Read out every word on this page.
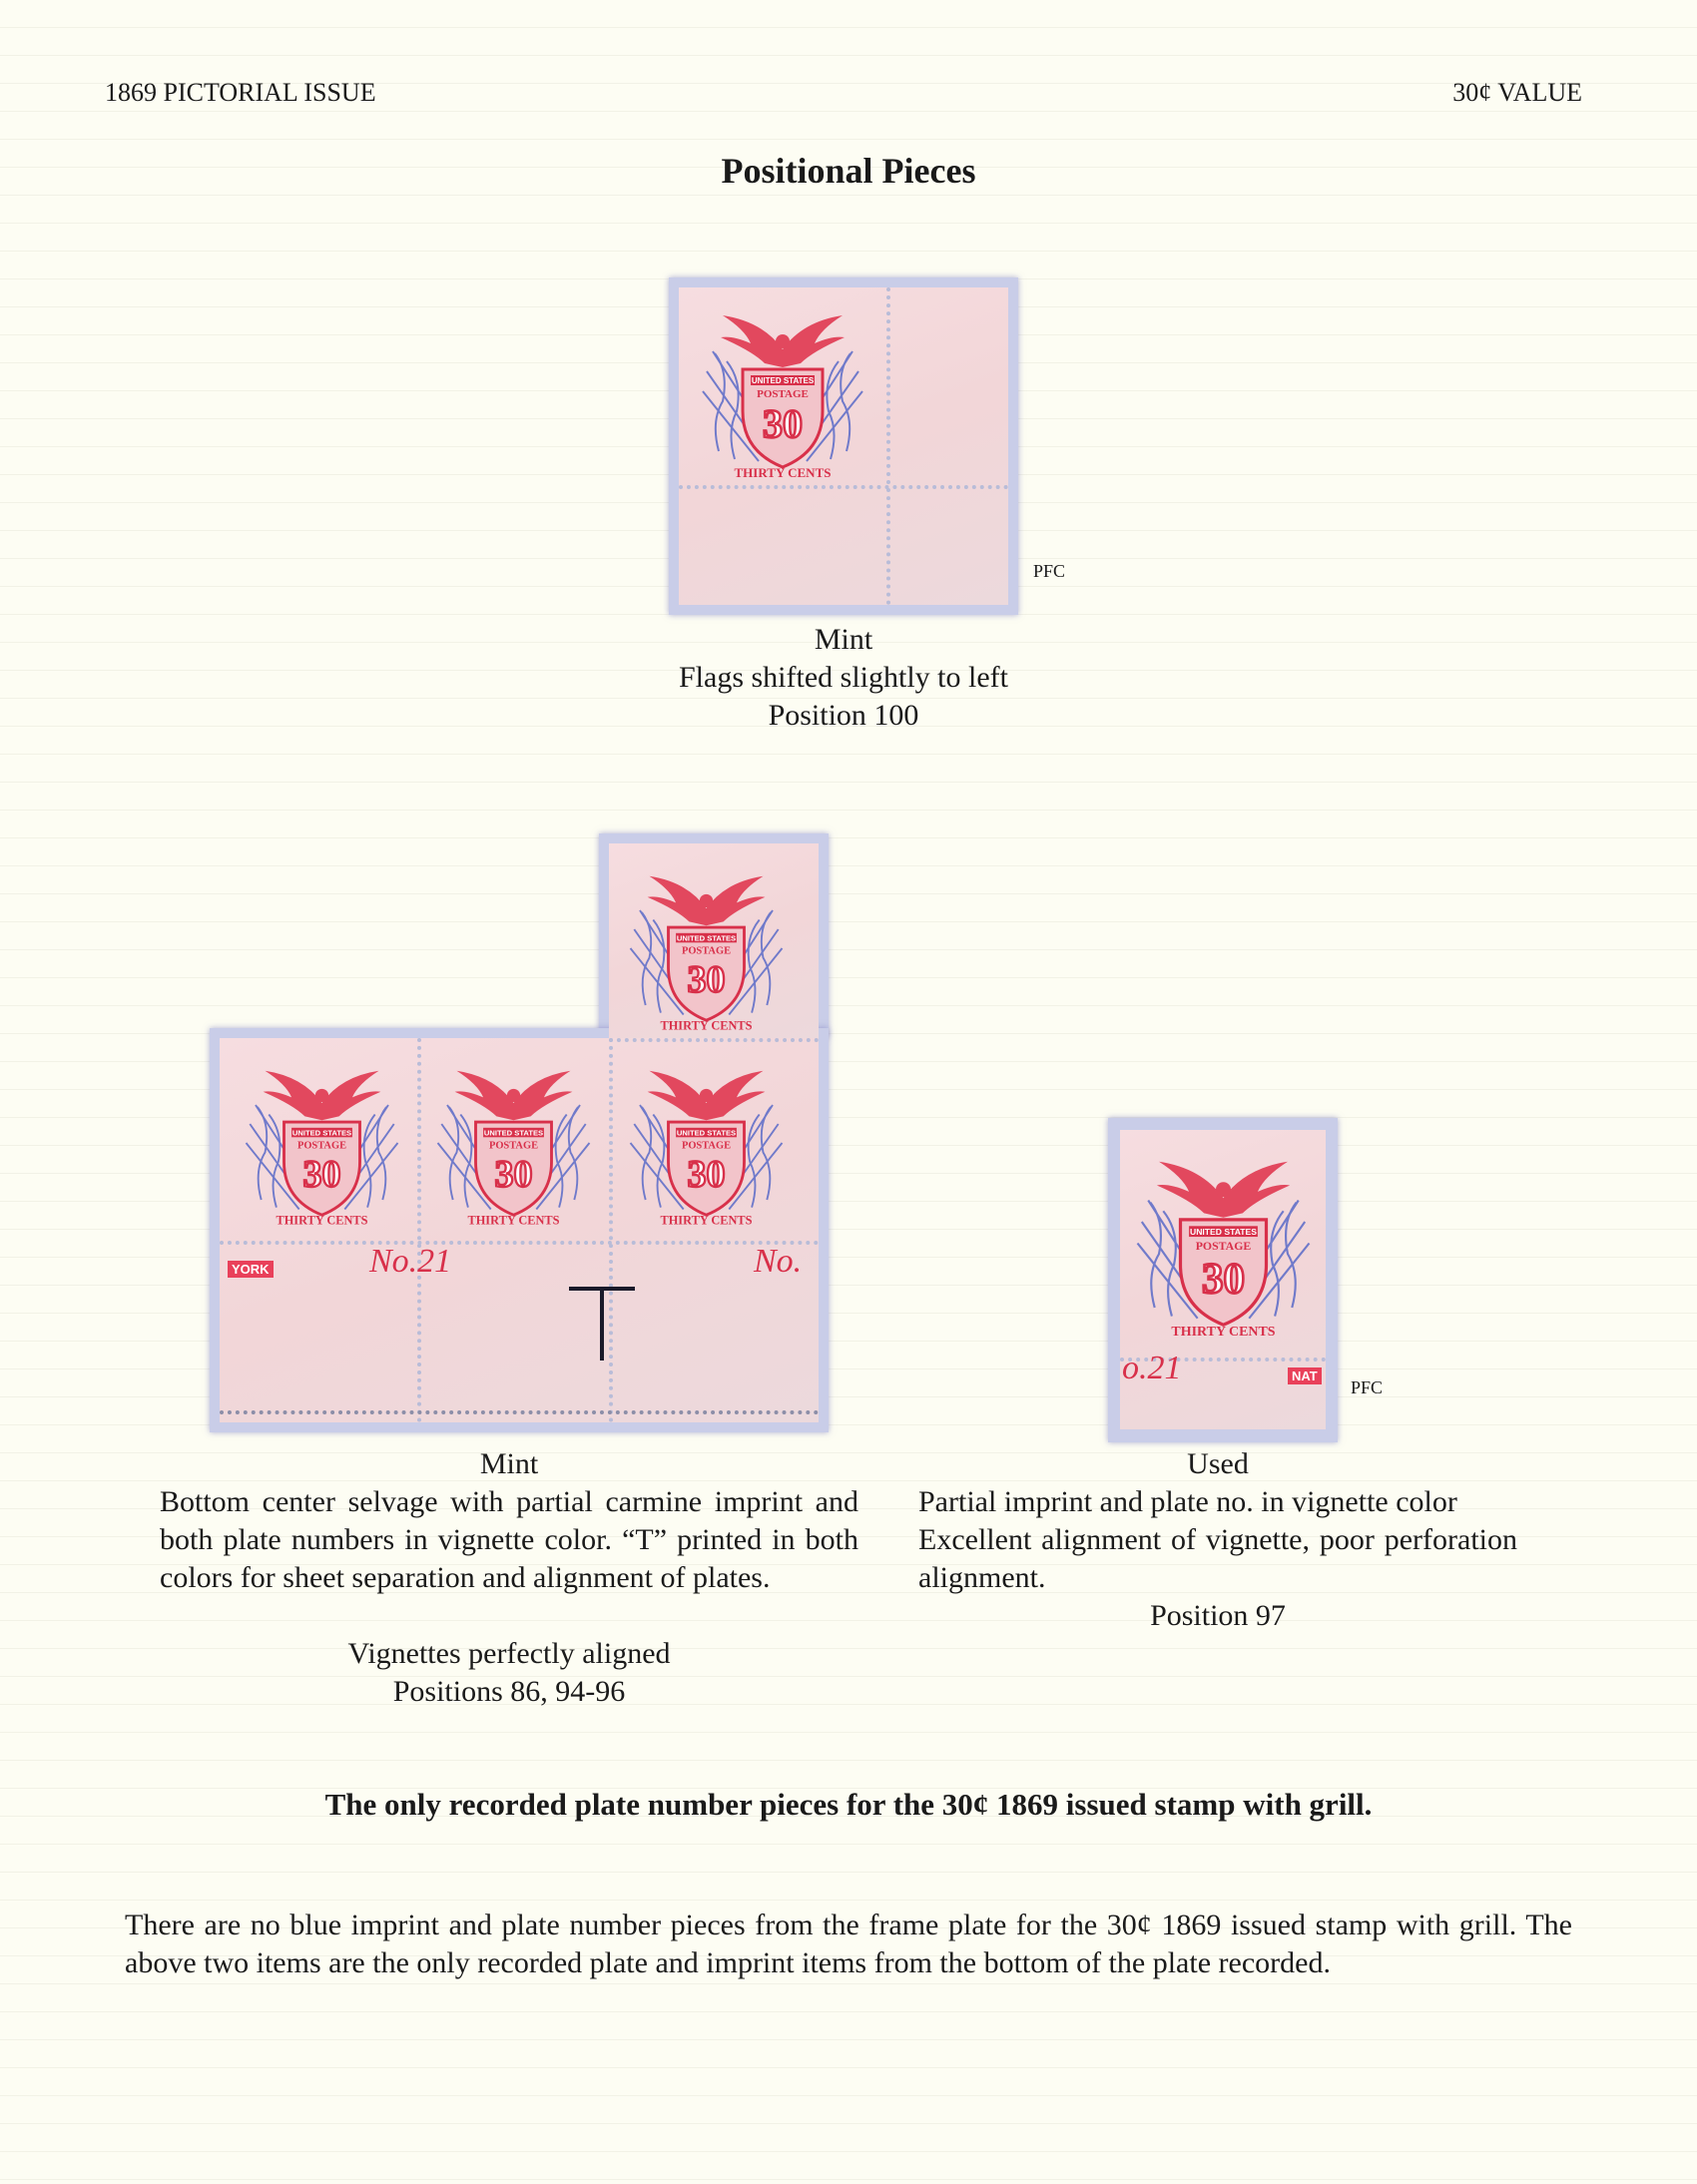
1869 PICTORIAL ISSUE	30¢ VALUE
Positional Pieces
UNITED STATES
POSTAGE
30
THIRTY CENTS
PFC
Mint
Flags shifted slightly to left
Position 100
UNITED STATES
POSTAGE
30
THIRTY CENTS
UNITED STATES
POSTAGE
30
THIRTY CENTS
UNITED STATES
POSTAGE
30
THIRTY CENTS
UNITED STATES
POSTAGE
30
THIRTY CENTS
YORK	No.21	No.
Mint
Bottom center selvage with partial carmine imprint and both plate numbers in vignette color. “T” printed in both colors for sheet separation and alignment of plates.
Vignettes perfectly aligned
Positions 86, 94-96
UNITED STATES
POSTAGE
30
THIRTY CENTS
o.21	NAT
PFC
Used
Partial imprint and plate no. in vignette color
Excellent alignment of vignette, poor perforation alignment.
Position 97
The only recorded plate number pieces for the 30¢ 1869 issued stamp with grill.
There are no blue imprint and plate number pieces from the frame plate for the 30¢ 1869 issued stamp with grill. The above two items are the only recorded plate and imprint items from the bottom of the plate recorded.
